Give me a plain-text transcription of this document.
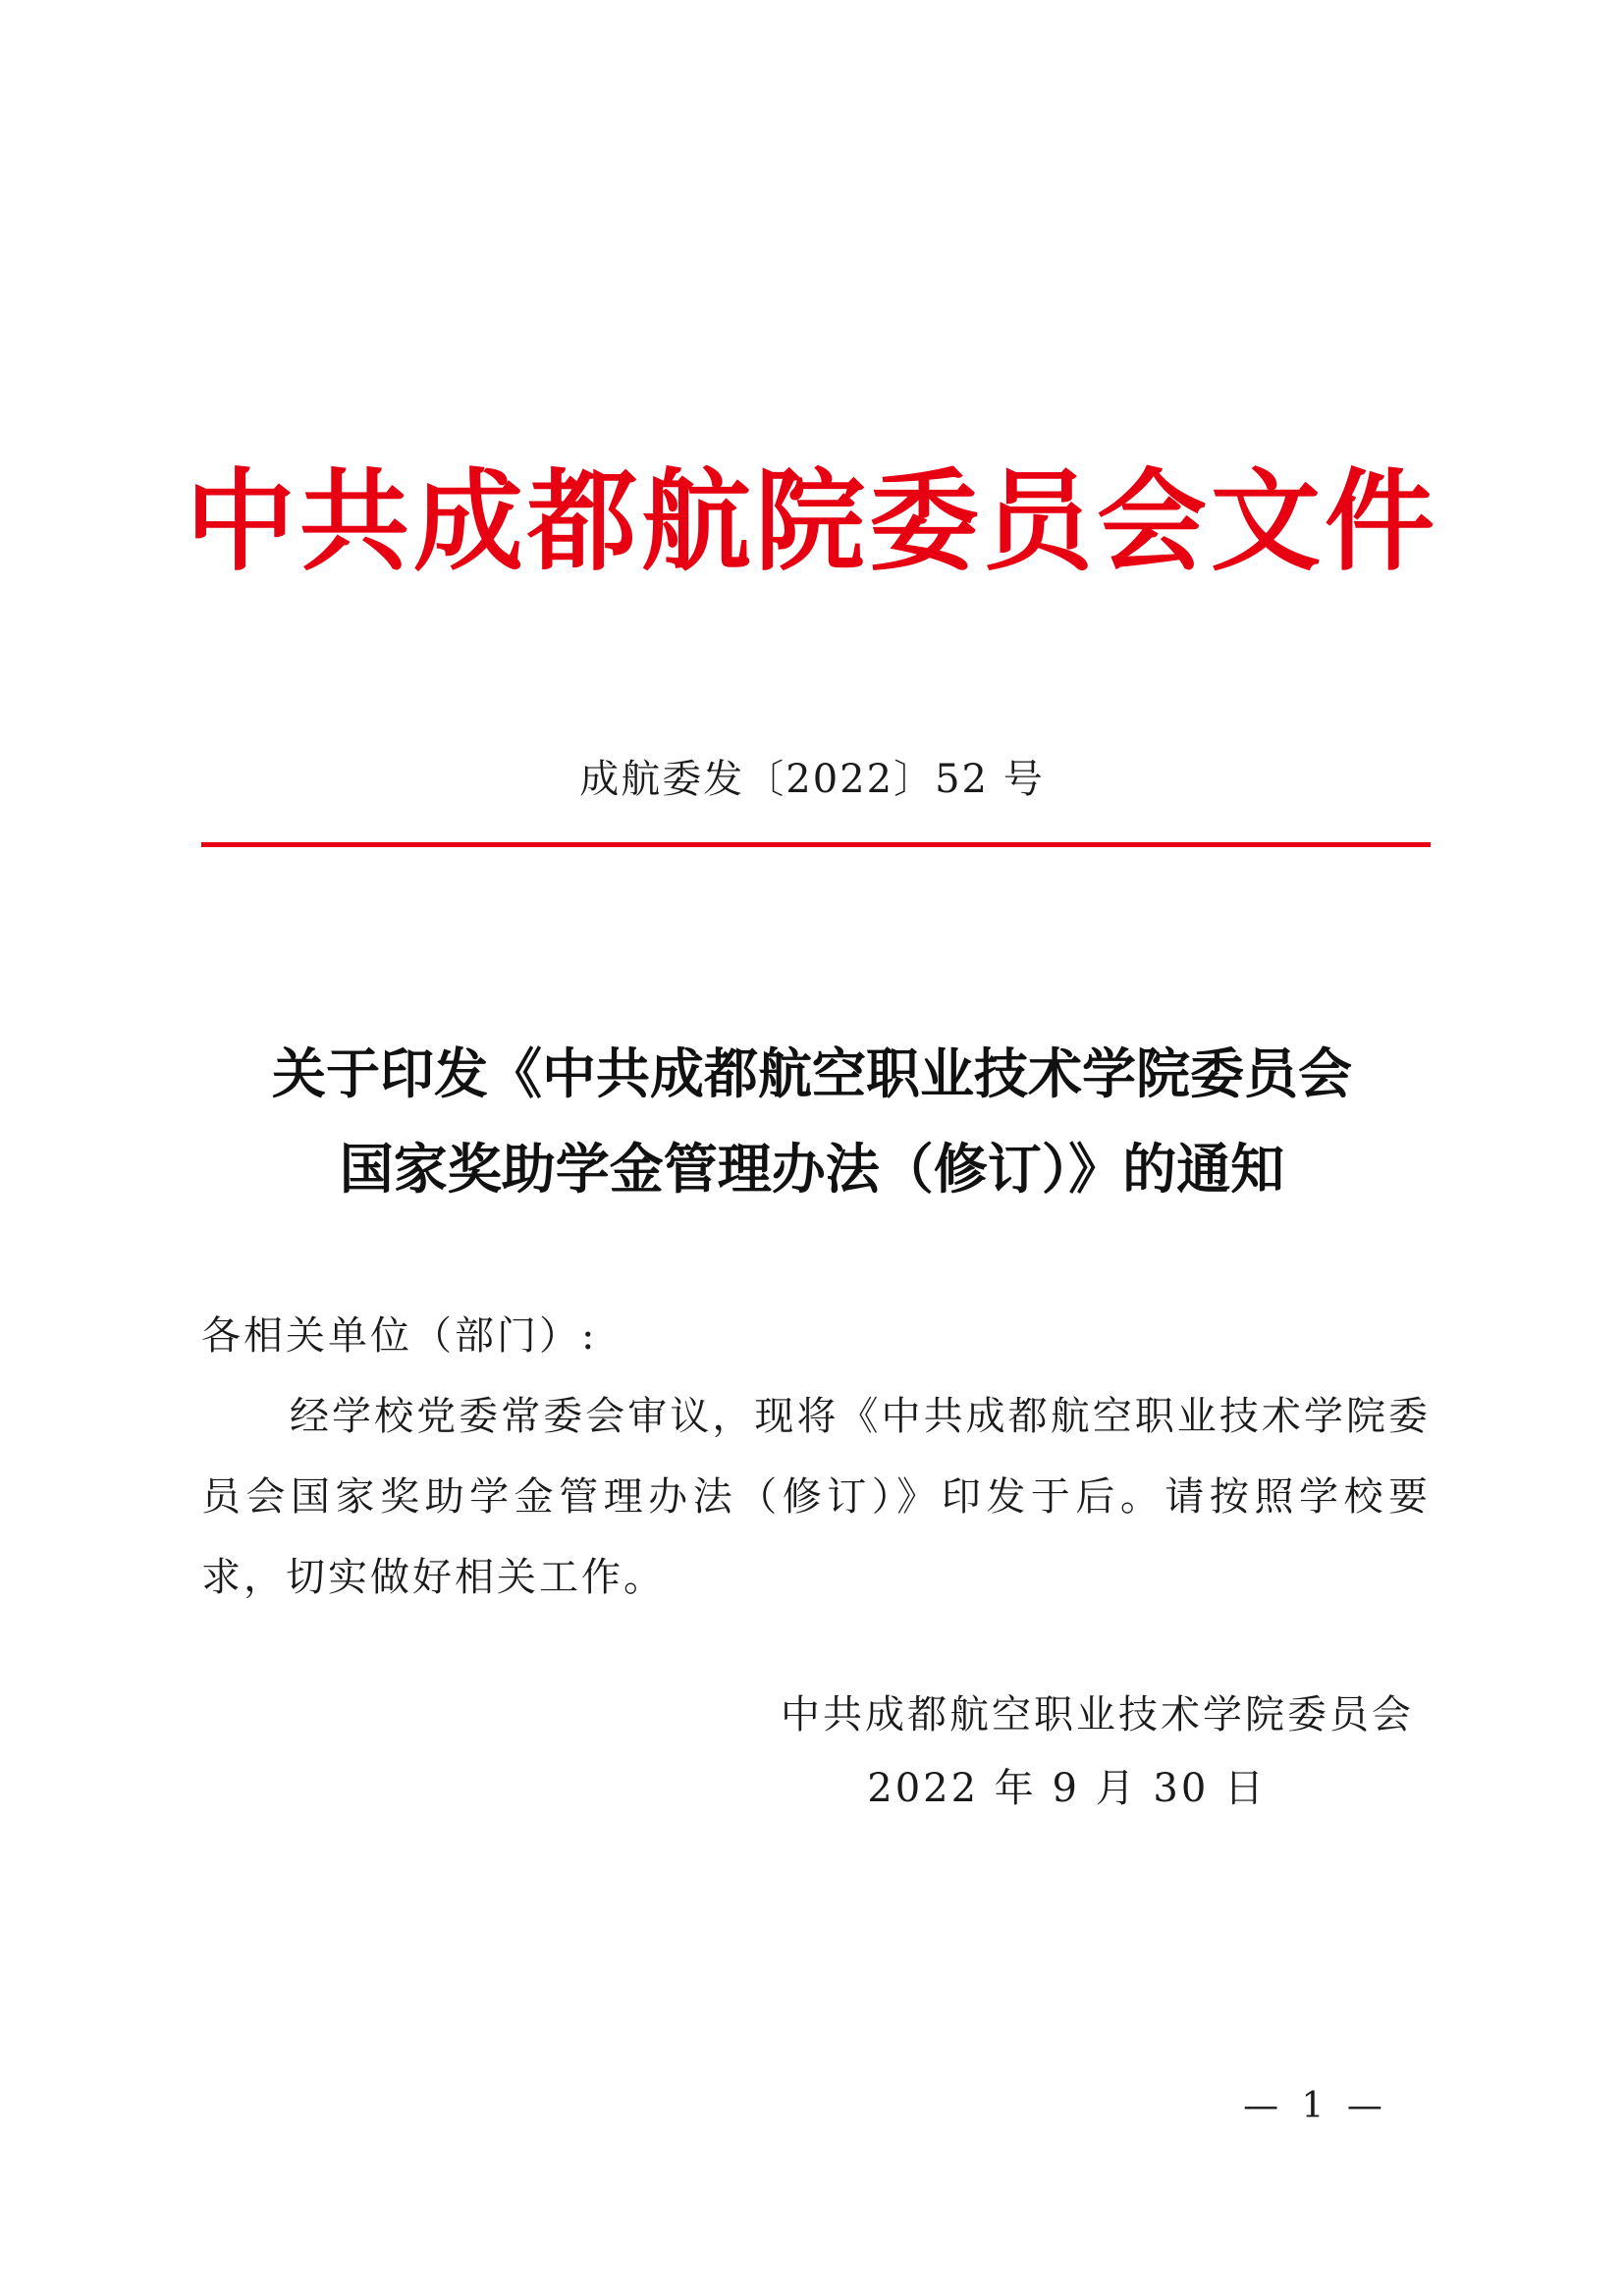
中共成都航院委员会文件
成航委发〔2022〕52 号
关于印发《中共成都航空职业技术学院委员会
国家奖助学金管理办法（修订）》的通知
各相关单位（部门）:
经学校党委常委会审议，现将《中共成都航空职业技术学院委员会国家奖助学金管理办法（修订）》印发于后。请按照学校要求，切实做好相关工作。
中共成都航空职业技术学院委员会
2022 年 9 月 30 日
— 1 —
